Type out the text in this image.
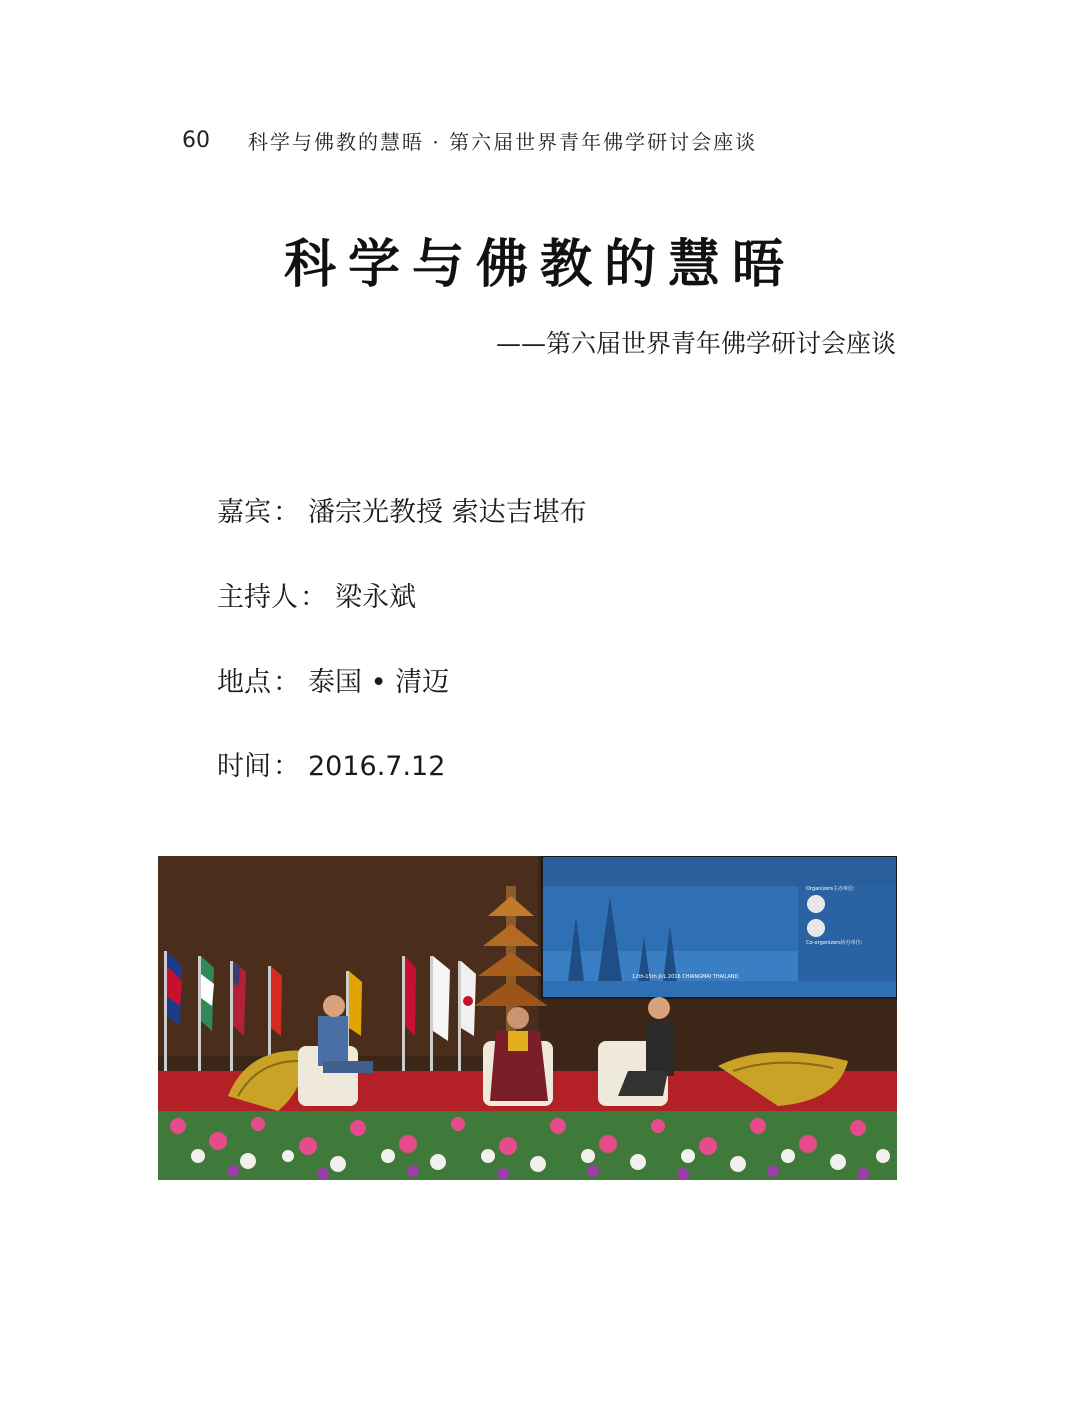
60	科学与佛教的慧晤 · 第六届世界青年佛学研讨会座谈
科学与佛教的慧晤
——第六届世界青年佛学研讨会座谈
嘉宾： 潘宗光教授 索达吉堪布
主持人： 梁永斌
地点： 泰国 • 清迈
时间： 2016.7.12
Organizers主办单位:
Co-organizers协办单位:
12th-15th JUL 2016 CHIANGMAI THAILAND
